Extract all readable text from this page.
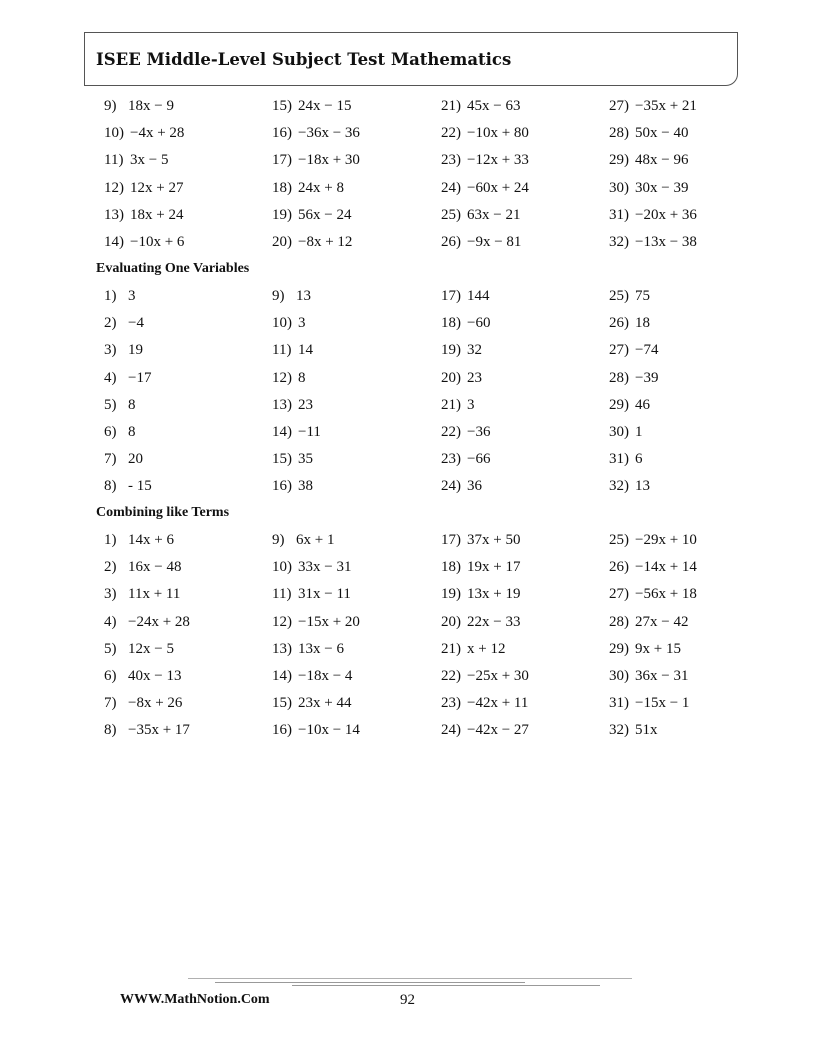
ISEE Middle-Level Subject Test Mathematics
9) 18x − 9	15) 24x − 15	21) 45x − 63	27) −35x + 21
10) −4x + 28	16) −36x − 36	22) −10x + 80	28) 50x − 40
11) 3x − 5	17) −18x + 30	23) −12x + 33	29) 48x − 96
12) 12x + 27	18) 24x + 8	24) −60x + 24	30) 30x − 39
13) 18x + 24	19) 56x − 24	25) 63x − 21	31) −20x + 36
14) −10x + 6	20) −8x + 12	26) −9x − 81	32) −13x − 38
Evaluating One Variables
1) 3	9) 13	17) 144	25) 75
2) −4	10) 3	18) −60	26) 18
3) 19	11) 14	19) 32	27) −74
4) −17	12) 8	20) 23	28) −39
5) 8	13) 23	21) 3	29) 46
6) 8	14) −11	22) −36	30) 1
7) 20	15) 35	23) −66	31) 6
8) - 15	16) 38	24) 36	32) 13
Combining like Terms
1) 14x + 6	9) 6x + 1	17) 37x + 50	25) −29x + 10
2) 16x − 48	10) 33x − 31	18) 19x + 17	26) −14x + 14
3) 11x + 11	11) 31x − 11	19) 13x + 19	27) −56x + 18
4) −24x + 28	12) −15x + 20	20) 22x − 33	28) 27x − 42
5) 12x − 5	13) 13x − 6	21) x + 12	29) 9x + 15
6) 40x − 13	14) −18x − 4	22) −25x + 30	30) 36x − 31
7) −8x + 26	15) 23x + 44	23) −42x + 11	31) −15x − 1
8) −35x + 17	16) −10x − 14	24) −42x − 27	32) 51x
WWW.MathNotion.Com	92
